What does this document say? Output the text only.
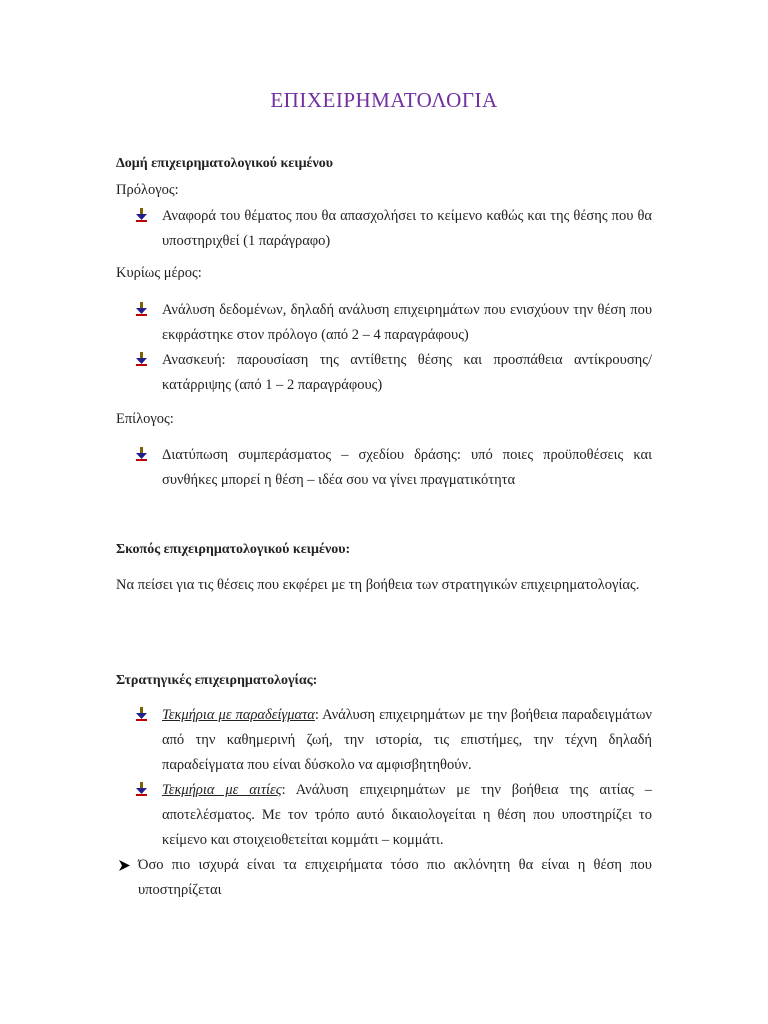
ΕΠΙΧΕΙΡΗΜΑΤΟΛΟΓΙΑ
Δομή επιχειρηματολογικού κειμένου
Πρόλογος:
Αναφορά του θέματος που θα απασχολήσει το κείμενο καθώς και της θέσης που θα υποστηριχθεί (1 παράγραφο)
Κυρίως μέρος:
Ανάλυση δεδομένων, δηλαδή ανάλυση επιχειρημάτων που ενισχύουν την θέση που εκφράστηκε στον πρόλογο (από 2 – 4 παραγράφους)
Ανασκευή: παρουσίαση της αντίθετης θέσης και προσπάθεια αντίκρουσης/ κατάρριψης (από 1 – 2 παραγράφους)
Επίλογος:
Διατύπωση συμπεράσματος – σχεδίου δράσης: υπό ποιες προϋποθέσεις και συνθήκες μπορεί η θέση – ιδέα σου να γίνει πραγματικότητα
Σκοπός επιχειρηματολογικού κειμένου:
Να πείσει για τις θέσεις που εκφέρει με τη βοήθεια των στρατηγικών επιχειρηματολογίας.
Στρατηγικές επιχειρηματολογίας:
Τεκμήρια με παραδείγματα: Ανάλυση επιχειρημάτων με την βοήθεια παραδειγμάτων από την καθημερινή ζωή, την ιστορία, τις επιστήμες, την τέχνη δηλαδή παραδείγματα που είναι δύσκολο να αμφισβητηθούν.
Τεκμήρια με αιτίες: Ανάλυση επιχειρημάτων με την βοήθεια της αιτίας – αποτελέσματος. Με τον τρόπο αυτό δικαιολογείται η θέση που υποστηρίζει το κείμενο και στοιχειοθετείται κομμάτι – κομμάτι.
Όσο πιο ισχυρά είναι τα επιχειρήματα τόσο πιο ακλόνητη θα είναι η θέση που υποστηρίζεται
